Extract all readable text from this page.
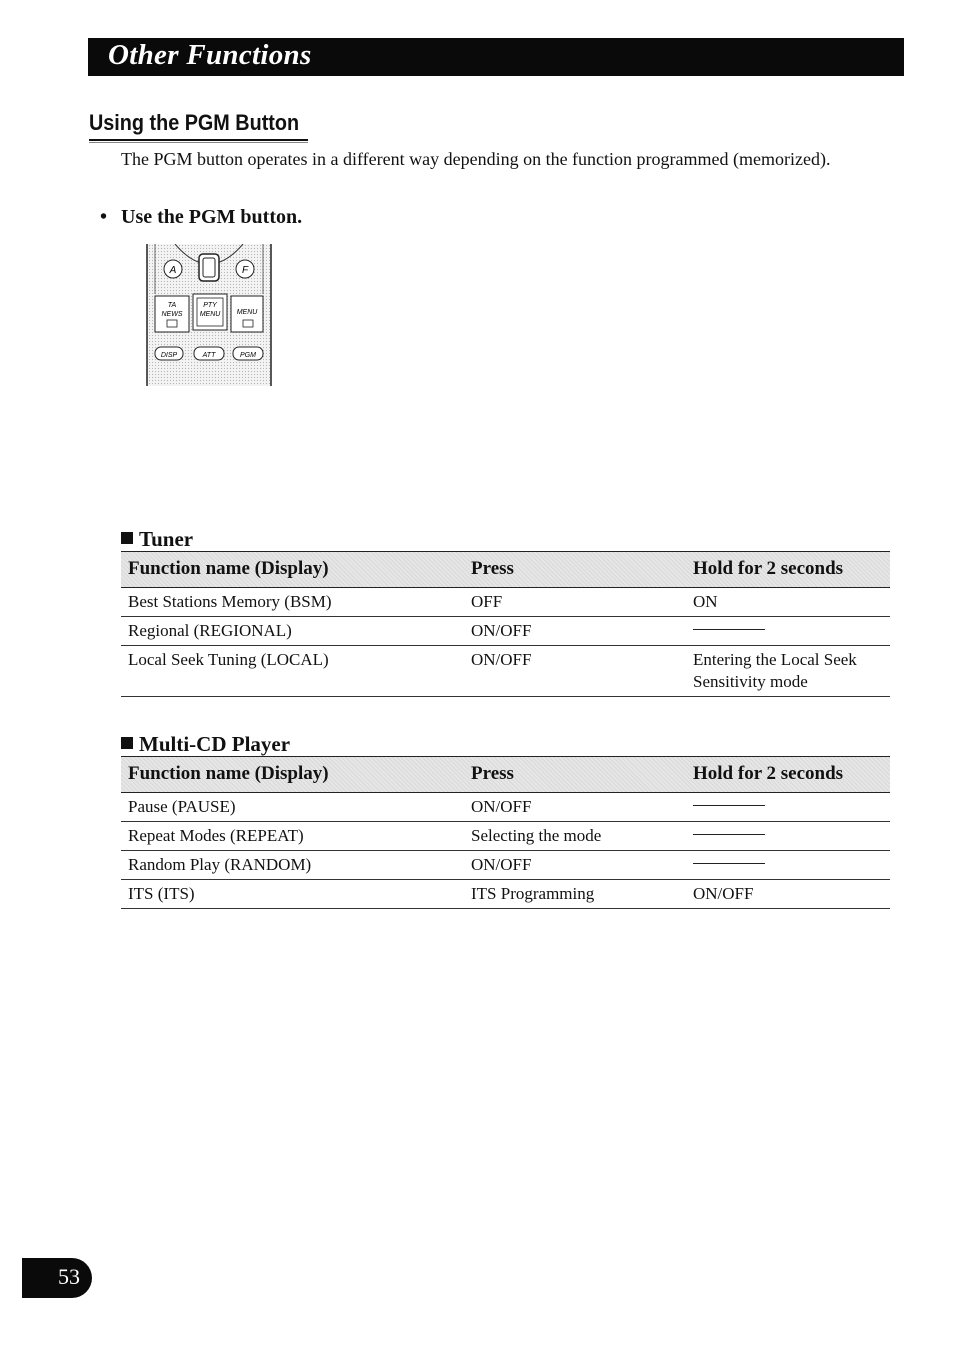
Other Functions
Using the PGM Button
The PGM button operates in a different way depending on the function programmed (memorized).
• Use the PGM button.
A	F
TA
NEWS
PTY
MENU MENU
DISP	ATT	PGM
Tuner
Function name (Display)	Press	Hold for 2 seconds
Best Stations Memory (BSM)	OFF	ON
Regional (REGIONAL)	ON/OFF
Local Seek Tuning (LOCAL)	ON/OFF	Entering the Local Seek Sensitivity mode
Multi-CD Player
Function name (Display)	Press	Hold for 2 seconds
Pause (PAUSE)	ON/OFF
Repeat Modes (REPEAT)	Selecting the mode
Random Play (RANDOM)	ON/OFF
ITS (ITS)	ITS Programming	ON/OFF
53
